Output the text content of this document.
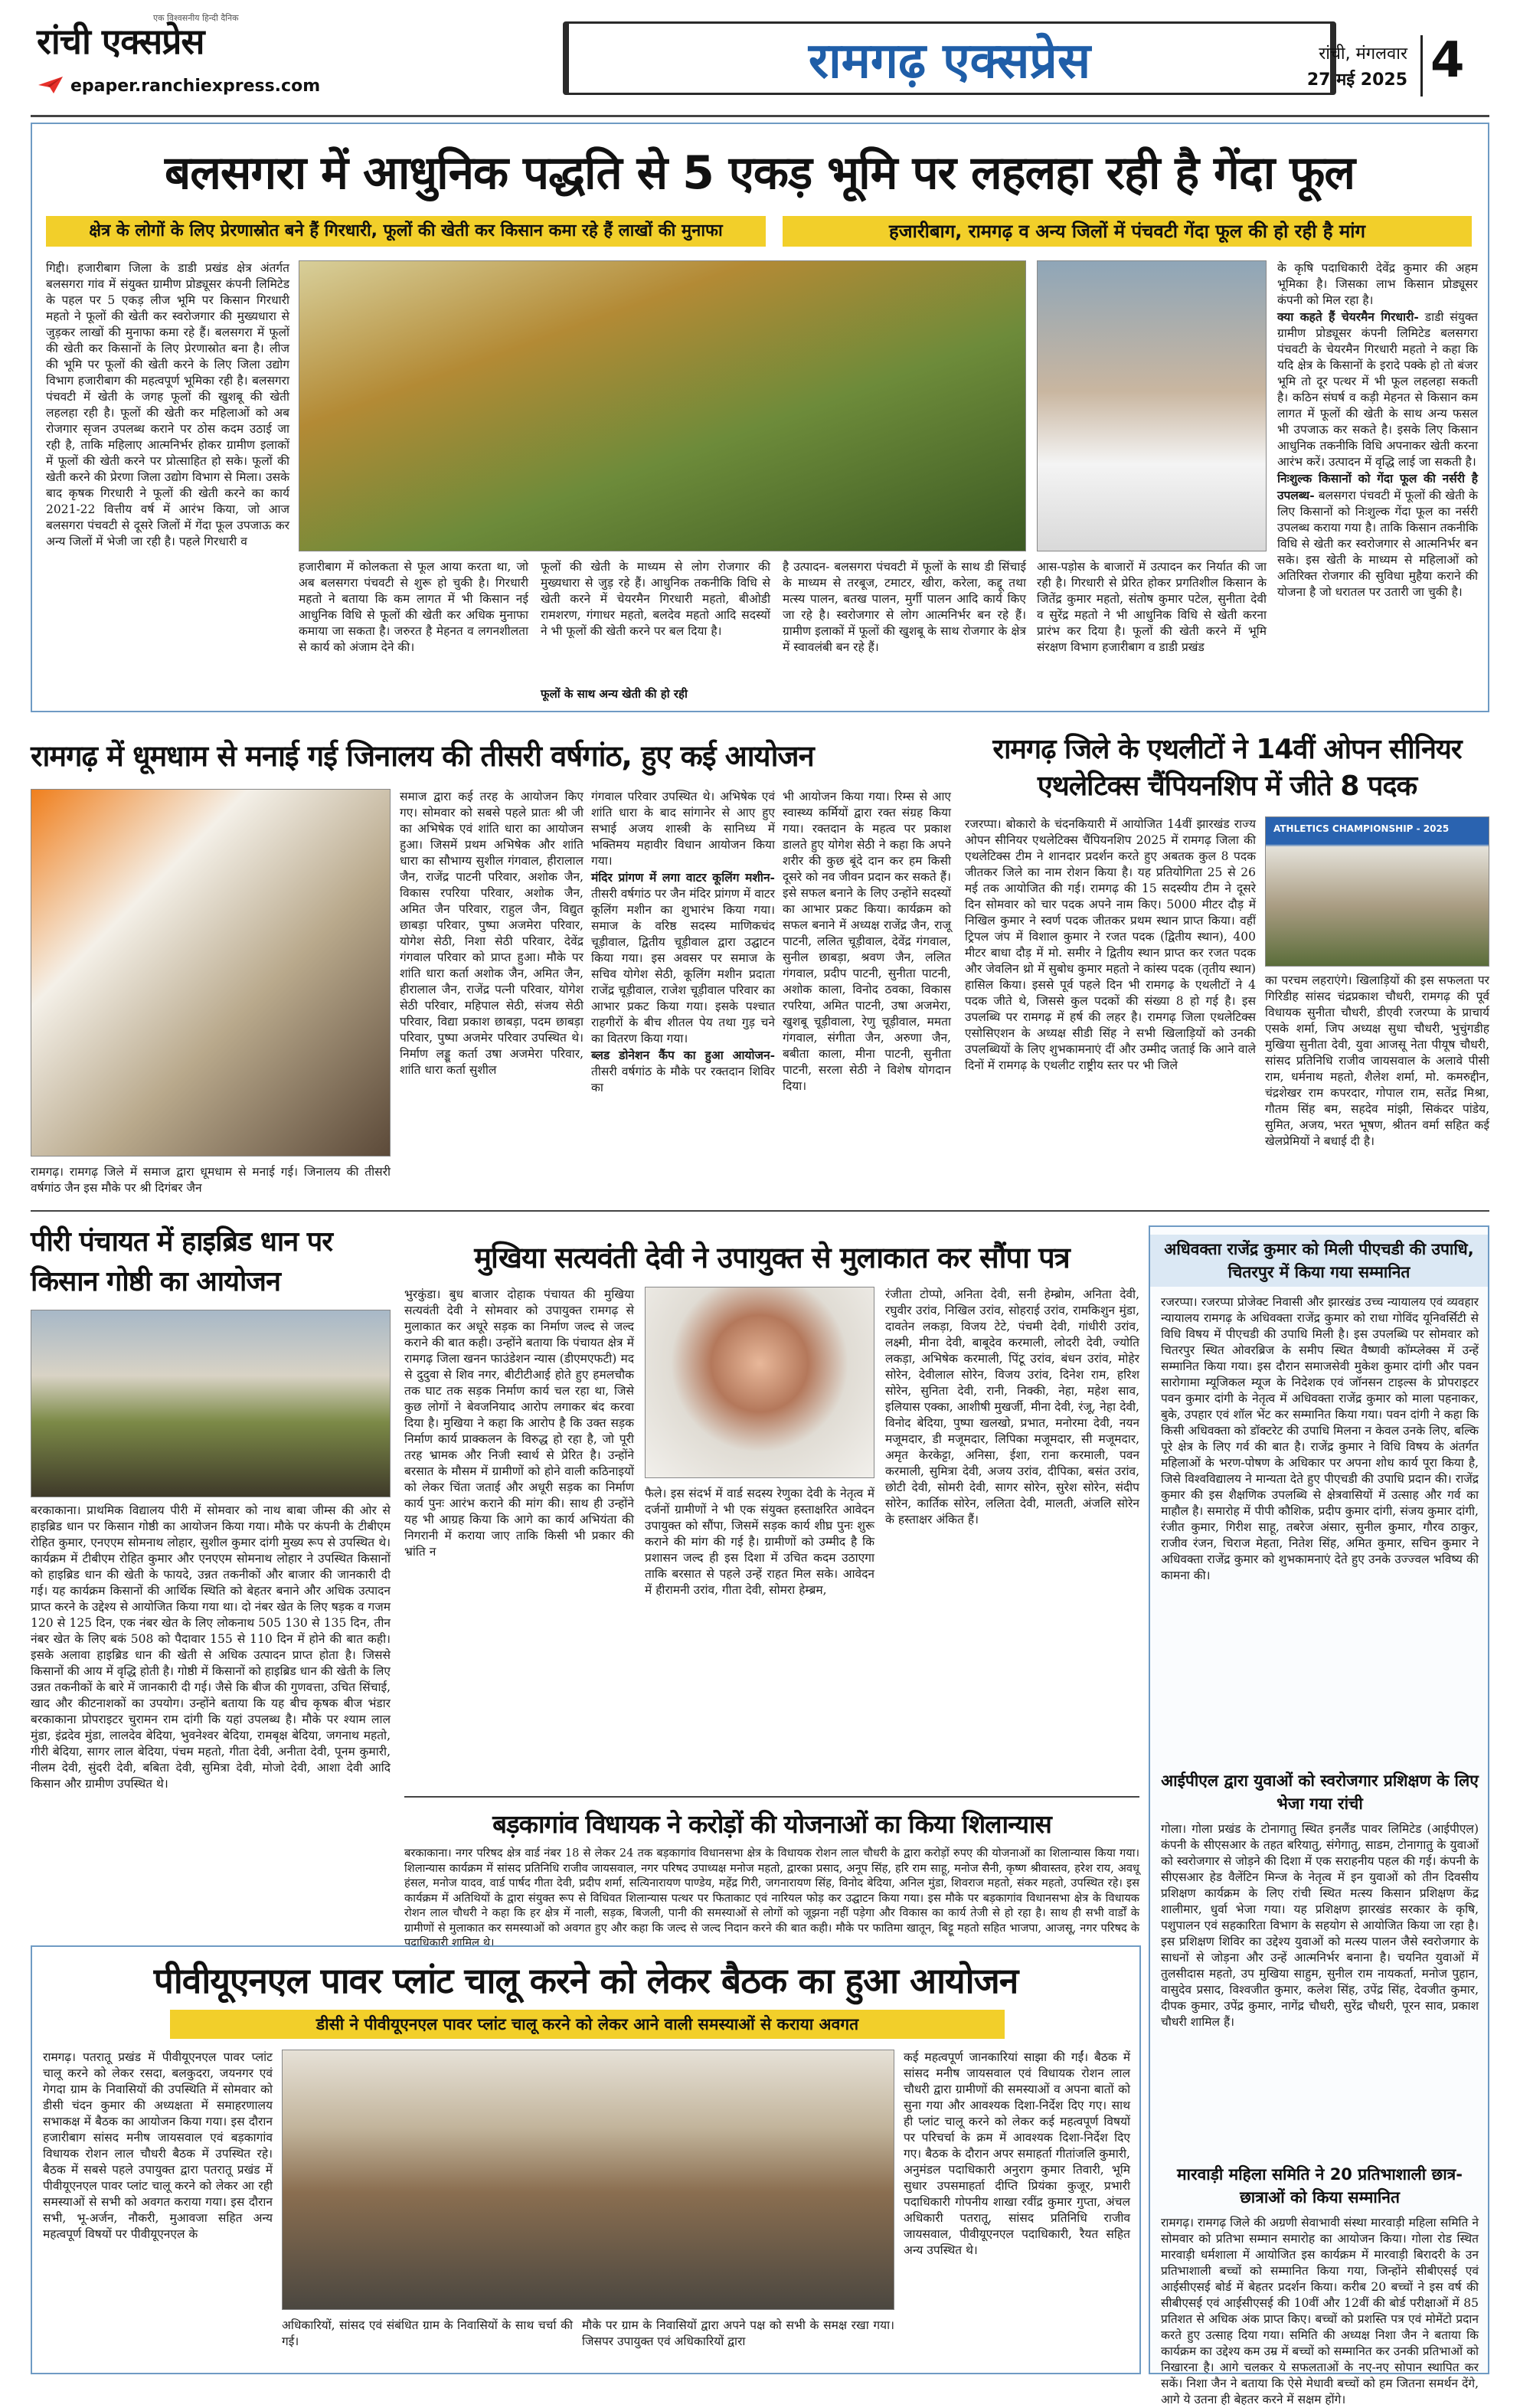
रांची एक्सप्रेस
एक विश्वसनीय हिन्दी दैनिक
epaper.ranchiexpress.com	रामगढ़ एक्सप्रेस	रांची, मंगलवार
27 मई 2025 4
बलसगरा में आधुनिक पद्धति से 5 एकड़ भूमि पर लहलहा रही है गेंदा फूल
क्षेत्र के लोगों के लिए प्रेरणास्रोत बने हैं गिरधारी, फूलों की खेती कर किसान कमा रहे हैं लाखों की मुनाफा	हजारीबाग, रामगढ़ व अन्य जिलों में पंचवटी गेंदा फूल की हो रही है मांग
गिद्दी। हजारीबाग जिला के डाडी प्रखंड क्षेत्र अंतर्गत बलसगरा गांव में संयुक्त ग्रामीण प्रोड्यूसर कंपनी लिमिटेड के पहल पर 5 एकड़ लीज भूमि पर किसान गिरधारी महतो ने फूलों की खेती कर स्वरोजगार की मुख्यधारा से जुड़कर लाखों की मुनाफा कमा रहे हैं। बलसगरा में फूलों की खेती कर किसानों के लिए प्रेरणास्रोत बना है। लीज की भूमि पर फूलों की खेती करने के लिए जिला उद्योग विभाग हजारीबाग की महत्वपूर्ण भूमिका रही है। बलसगरा पंचवटी में खेती के जगह फूलों की खुशबू की खेती लहलहा रही है। फूलों की खेती कर महिलाओं को अब रोजगार सृजन उपलब्ध कराने पर ठोस कदम उठाई जा रही है, ताकि महिलाए आत्मनिर्भर होकर ग्रामीण इलाकों में फूलों की खेती करने पर प्रोत्साहित हो सके। फूलों की खेती करने की प्रेरणा जिला उद्योग विभाग से मिला। उसके बाद कृषक गिरधारी ने फूलों की खेती करने का कार्य 2021-22 वित्तीय वर्ष में आरंभ किया, जो आज बलसगरा पंचवटी से दूसरे जिलों में गेंदा फूल उपजाऊ कर अन्य जिलों में भेजी जा रही है। पहले गिरधारी व
हजारीबाग में कोलकता से फूल आया करता था, जो अब बलसगरा पंचवटी से शुरू हो चुकी है। गिरधारी महतो ने बताया कि कम लागत में भी किसान नई आधुनिक विधि से फूलों की खेती कर अधिक मुनाफा कमाया जा सकता है। जरुरत है मेहनत व लगनशीलता से कार्य को अंजाम देने की।
फूलों की खेती के माध्यम से लोग रोजगार की मुख्यधारा से जुड़ रहे हैं। आधुनिक तकनीकि विधि से खेती करने में चेयरमैन गिरधारी महतो, बीओडी रामशरण, गंगाधर महतो, बलदेव महतो आदि सदस्यों ने भी फूलों की खेती करने पर बल दिया है।
फूलों के साथ अन्य खेती की हो रही
है उत्पादन- बलसगरा पंचवटी में फूलों के साथ डी सिंचाई के माध्यम से तरबूज, टमाटर, खीरा, करेला, कद्दू तथा मत्स्य पालन, बतख पालन, मुर्गी पालन आदि कार्य किए जा रहे है। स्वरोजगार से लोग आत्मनिर्भर बन रहे हैं। ग्रामीण इलाकों में फूलों की खुशबू के साथ रोजगार के क्षेत्र में स्वावलंबी बन रहे हैं।
आस-पड़ोस के बाजारों में उत्पादन कर निर्यात की जा रही है। गिरधारी से प्रेरित होकर प्रगतिशील किसान के जितेंद्र कुमार महतो, संतोष कुमार पटेल, सुनीता देवी व सुरेंद्र महतो ने भी आधुनिक विधि से खेती करना प्रारंभ कर दिया है। फूलों की खेती करने में भूमि संरक्षण विभाग हजारीबाग व डाडी प्रखंड
के कृषि पदाधिकारी देवेंद्र कुमार की अहम भूमिका है। जिसका लाभ किसान प्रोड्यूसर कंपनी को मिल रहा है।
क्या कहते हैं चेयरमैन गिरधारी- डाडी संयुक्त ग्रामीण प्रोड्यूसर कंपनी लिमिटेड बलसगरा पंचवटी के चेयरमैन गिरधारी महतो ने कहा कि यदि क्षेत्र के किसानों के इरादे पक्के हो तो बंजर भूमि तो दूर पत्थर में भी फूल लहलहा सकती है। कठिन संघर्ष व कड़ी मेहनत से किसान कम लागत में फूलों की खेती के साथ अन्य फसल भी उपजाऊ कर सकते है। इसके लिए किसान आधुनिक तकनीकि विधि अपनाकर खेती करना आरंभ करें। उत्पादन में वृद्धि लाई जा सकती है।
निःशुल्क किसानों को गेंदा फूल की नर्सरी है उपलब्ध- बलसगरा पंचवटी में फूलों की खेती के लिए किसानों को निःशुल्क गेंदा फूल का नर्सरी उपलब्ध कराया गया है। ताकि किसान तकनीकि विधि से खेती कर स्वरोजगार से आत्मनिर्भर बन सके। इस खेती के माध्यम से महिलाओं को अतिरिक्त रोजगार की सुविधा मुहैया कराने की योजना है जो धरातल पर उतारी जा चुकी है।
रामगढ़ में धूमधाम से मनाई गई जिनालय की तीसरी वर्षगांठ, हुए कई आयोजन
रामगढ़। रामगढ़ जिले में समाज द्वारा धूमधाम से मनाई गई। जिनालय की तीसरी वर्षगांठ जैन इस मौके पर श्री दिगंबर जैन
समाज द्वारा कई तरह के आयोजन किए गए। सोमवार को सबसे पहले प्रातः श्री जी का अभिषेक एवं शांति धारा का आयोजन हुआ। जिसमें प्रथम अभिषेक और शांति धारा का सौभाग्य सुशील गंगवाल, हीरालाल जैन, राजेंद्र पाटनी परिवार, अशोक जैन, विकास रपरिया परिवार, अशोक जैन, अमित जैन परिवार, राहुल जैन, विद्युत छाबड़ा परिवार, पुष्पा अजमेरा परिवार, योगेश सेठी, निशा सेठी परिवार, देवेंद्र गंगवाल परिवार को प्राप्त हुआ। मौके पर शांति धारा कर्ता अशोक जैन, अमित जैन, हीरालाल जैन, राजेंद्र पत्नी परिवार, योगेश सेठी परिवार, महिपाल सेठी, संजय सेठी परिवार, विद्या प्रकाश छाबड़ा, पदम छाबड़ा परिवार, पुष्पा अजमेर परिवार उपस्थित थे। निर्माण लड्डू कर्ता उषा अजमेरा परिवार, शांति धारा कर्ता सुशील
गंगवाल परिवार उपस्थित थे। अभिषेक एवं शांति धारा के बाद सांगानेर से आए हुए सभाई अजय शास्त्री के सानिध्य में भक्तिमय महावीर विधान आयोजन किया गया।
मंदिर प्रांगण में लगा वाटर कूलिंग मशीन- तीसरी वर्षगांठ पर जैन मंदिर प्रांगण में वाटर कूलिंग मशीन का शुभारंभ किया गया। समाज के वरिष्ठ सदस्य माणिकचंद चूड़ीवाल, द्वितीय चूड़ीवाल द्वारा उद्घाटन किया गया। इस अवसर पर समाज के सचिव योगेश सेठी, कूलिंग मशीन प्रदाता राजेंद्र चूड़ीवाल, राजेश चूड़ीवाल परिवार का आभार प्रकट किया गया। इसके पश्चात राहगीरों के बीच शीतल पेय तथा गुड़ चने का वितरण किया गया।
ब्लड डोनेशन कैंप का हुआ आयोजन- तीसरी वर्षगांठ के मौके पर रक्तदान शिविर का
भी आयोजन किया गया। रिम्स से आए स्वास्थ्य कर्मियों द्वारा रक्त संग्रह किया गया। रक्तदान के महत्व पर प्रकाश डालते हुए योगेश सेठी ने कहा कि अपने शरीर की कुछ बूंदे दान कर हम किसी दूसरे को नव जीवन प्रदान कर सकते हैं। इसे सफल बनाने के लिए उन्होंने सदस्यों का आभार प्रकट किया। कार्यक्रम को सफल बनाने में अध्यक्ष राजेंद्र जैन, राजू पाटनी, ललित चूड़ीवाल, देवेंद्र गंगवाल, सुनील छाबड़ा, श्रवण जैन, ललित गंगवाल, प्रदीप पाटनी, सुनीता पाटनी, अशोक काला, विनोद ठवका, विकास रपरिया, अमित पाटनी, उषा अजमेरा, खुशबू चूड़ीवाला, रेणु चूड़ीवाल, ममता गंगवाल, संगीता जैन, अरुणा जैन, बबीता काला, मीना पाटनी, सुनीता पाटनी, सरला सेठी ने विशेष योगदान दिया।
रामगढ़ जिले के एथलीटों ने 14वीं ओपन सीनियर एथलेटिक्स चैंपियनशिप में जीते 8 पदक
रजरप्पा। बोकारो के चंदनकियारी में आयोजित 14वीं झारखंड राज्य ओपन सीनियर एथलेटिक्स चैंपियनशिप 2025 में रामगढ़ जिला की एथलेटिक्स टीम ने शानदार प्रदर्शन करते हुए अबतक कुल 8 पदक जीतकर जिले का नाम रोशन किया है। यह प्रतियोगिता 25 से 26 मई तक आयोजित की गई। रामगढ़ की 15 सदस्यीय टीम ने दूसरे दिन सोमवार को चार पदक अपने नाम किए। 5000 मीटर दौड़ में निखिल कुमार ने स्वर्ण पदक जीतकर प्रथम स्थान प्राप्त किया। वहीं ट्रिपल जंप में विशाल कुमार ने रजत पदक (द्वितीय स्थान), 400 मीटर बाधा दौड़ में मो. समीर ने द्वितीय स्थान प्राप्त कर रजत पदक और जेवलिन थ्रो में सुबोध कुमार महतो ने कांस्य पदक (तृतीय स्थान) हासिल किया। इससे पूर्व पहले दिन भी रामगढ़ के एथलीटों ने 4 पदक जीते थे, जिससे कुल पदकों की संख्या 8 हो गई है। इस उपलब्धि पर रामगढ़ में हर्ष की लहर है। रामगढ़ जिला एथलेटिक्स एसोसिएशन के अध्यक्ष सीडी सिंह ने सभी खिलाड़ियों को उनकी उपलब्धियों के लिए शुभकामनाएं दीं और उम्मीद जताई कि आने वाले दिनों में रामगढ़ के एथलीट राष्ट्रीय स्तर पर भी जिले
ATHLETICS CHAMPIONSHIP - 2025
का परचम लहराएंगे। खिलाड़ियों की इस सफलता पर गिरिडीह सांसद चंद्रप्रकाश चौधरी, रामगढ़ की पूर्व विधायक सुनीता चौधरी, डीएवी रजरप्पा के प्राचार्य एसके शर्मा, जिप अध्यक्ष सुधा चौधरी, भुचुंगडीह मुखिया सुनीता देवी, युवा आजसू नेता पीयूष चौधरी, सांसद प्रतिनिधि राजीव जायसवाल के अलावे पीसी राम, धर्मनाथ महतो, शैलेश शर्मा, मो. कमरुद्दीन, चंद्रशेखर राम कपरदार, गोपाल राम, सतेंद्र मिश्रा, गौतम सिंह बम, सहदेव मांझी, सिकंदर पांडेय, सुमित, अजय, भरत भूषण, श्रीतन वर्मा सहित कई खेलप्रेमियों ने बधाई दी है।
पीरी पंचायत में हाइब्रिड धान पर किसान गोष्ठी का आयोजन
बरकाकाना। प्राथमिक विद्यालय पीरी में सोमवार को नाथ बाबा जीम्स की ओर से हाइब्रिड धान पर किसान गोष्ठी का आयोजन किया गया। मौके पर कंपनी के टीबीएम रोहित कुमार, एनएएम सोमनाथ लोहार, सुशील कुमार दांगी मुख्य रूप से उपस्थित थे। कार्यक्रम में टीबीएम रोहित कुमार और एनएएम सोमनाथ लोहार ने उपस्थित किसानों को हाइब्रिड धान की खेती के फायदे, उन्नत तकनीकों और बाजार की जानकारी दी गई। यह कार्यक्रम किसानों की आर्थिक स्थिति को बेहतर बनाने और अधिक उत्पादन प्राप्त करने के उद्देश्य से आयोजित किया गया था। दो नंबर खेत के लिए षड़क व गजम 120 से 125 दिन, एक नंबर खेत के लिए लोकनाथ 505 130 से 135 दिन, तीन नंबर खेत के लिए बकं 508 को पैदावार 155 से 110 दिन में होने की बात कही। इसके अलावा हाइब्रिड धान की खेती से अधिक उत्पादन प्राप्त होता है। जिससे किसानों की आय में वृद्धि होती है। गोष्ठी में किसानों को हाइब्रिड धान की खेती के लिए उन्नत तकनीकों के बारे में जानकारी दी गई। जैसे कि बीज की गुणवत्ता, उचित सिंचाई, खाद और कीटनाशकों का उपयोग। उन्होंने बताया कि यह बीच कृषक बीज भंडार बरकाकाना प्रोपराइटर चुरामन राम दांगी कि यहां उपलब्ध है। मौके पर श्याम लाल मुंडा, इंद्रदेव मुंडा, लालदेव बेदिया, भुवनेश्वर बेदिया, रामबृक्ष बेदिया, जगनाथ महतो, गीरी बेदिया, सागर लाल बेदिया, पंचम महतो, गीता देवी, अनीता देवी, पूनम कुमारी, नीलम देवी, सुंदरी देवी, बबिता देवी, सुमित्रा देवी, मोजो देवी, आशा देवी आदि किसान और ग्रामीण उपस्थित थे।
मुखिया सत्यवंती देवी ने उपायुक्त से मुलाकात कर सौंपा पत्र
भुरकुंडा। बुध बाजार दोहाक पंचायत की मुखिया सत्यवंती देवी ने सोमवार को उपायुक्त रामगढ़ से मुलाकात कर अधूरे सड़क का निर्माण जल्द से जल्द कराने की बात कही। उन्होंने बताया कि पंचायत क्षेत्र में रामगढ़ जिला खनन फाउंडेशन न्यास (डीएमएफटी) मद से दुदुवा से शिव नगर, बीटीटीआई होते हुए हमलचौक तक घाट तक सड़क निर्माण कार्य चल रहा था, जिसे कुछ लोगों ने बेवजनियाद आरोप लगाकर बंद करवा दिया है। मुखिया ने कहा कि आरोप है कि उक्त सड़क निर्माण कार्य प्राक्कलन के विरुद्ध हो रहा है, जो पूरी तरह भ्रामक और निजी स्वार्थ से प्रेरित है। उन्होंने बरसात के मौसम में ग्रामीणों को होने वाली कठिनाइयों को लेकर चिंता जताई और अधूरी सड़क का निर्माण कार्य पुनः आरंभ कराने की मांग की। साथ ही उन्होंने यह भी आग्रह किया कि आगे का कार्य अभियंता की निगरानी में कराया जाए ताकि किसी भी प्रकार की भ्रांति न
फैले। इस संदर्भ में वार्ड सदस्य रेणुका देवी के नेतृत्व में दर्जनों ग्रामीणों ने भी एक संयुक्त हस्ताक्षरित आवेदन उपायुक्त को सौंपा, जिसमें सड़क कार्य शीघ्र पुनः शुरू कराने की मांग की गई है। ग्रामीणों को उम्मीद है कि प्रशासन जल्द ही इस दिशा में उचित कदम उठाएगा ताकि बरसात से पहले उन्हें राहत मिल सके। आवेदन में हीरामनी उरांव, गीता देवी, सोमरा हेम्ब्रम,
रंजीता टोप्पो, अनिता देवी, सनी हेम्ब्रोम, अनिता देवी, रघुवीर उरांव, निखिल उरांव, सोहराई उरांव, रामकिशुन मुंडा, दावतेन लकड़ा, विजय टेटे, पंचमी देवी, गांधीरी उरांव, लक्ष्मी, मीना देवी, बाबूदेव करमाली, लोदरी देवी, ज्योति लकड़ा, अभिषेक करमाली, पिंटू उरांव, बंधन उरांव, मोहेर सोरेन, देवीलाल सोरेन, विजय उरांव, दिनेश राम, हरिश सोरेन, सुनिता देवी, रानी, निक्की, नेहा, महेश साव, इलियास एक्का, आशीषी मुखर्जी, मीना देवी, रंजू, नेहा देवी, विनोद बेदिया, पुष्पा खलखो, प्रभात, मनोरमा देवी, नयन मजूमदार, डी मजूमदार, लिपिका मजूमदार, सी मजूमदार, अमृत केरकेट्टा, अनिसा, ईशा, राना करमाली, पवन करमाली, सुमित्रा देवी, अजय उरांव, दीपिका, बसंत उरांव, छोटी देवी, सोमरी देवी, सागर सोरेन, सुरेश सोरेन, संदीप सोरेन, कार्तिक सोरेन, ललिता देवी, मालती, अंजलि सोरेन के हस्ताक्षर अंकित हैं।
बड़कागांव विधायक ने करोड़ों की योजनाओं का किया शिलान्यास
बरकाकाना। नगर परिषद क्षेत्र वार्ड नंबर 18 से लेकर 24 तक बड़कागांव विधानसभा क्षेत्र के विधायक रोशन लाल चौधरी के द्वारा करोड़ों रुपए की योजनाओं का शिलान्यास किया गया। शिलान्यास कार्यक्रम में सांसद प्रतिनिधि राजीव जायसवाल, नगर परिषद उपाध्यक्ष मनोज महतो, द्वारका प्रसाद, अनूप सिंह, हरि राम साहू, मनोज सैनी, कृष्ण श्रीवास्तव, हरेश राय, अवधू हंसल, मनोज यादव, वार्ड पार्षद गीता देवी, प्रदीप शर्मा, सत्यिनारायण पाण्डेय, महेंद्र गिरी, जगनारायण सिंह, विनोद बेदिया, अनिल मुंडा, शिवराज महतो, संकर महतो, उपस्थित रहे। इस कार्यक्रम में अतिथियों के द्वारा संयुक्त रूप से विधिवत शिलान्यास पत्थर पर फिताकाट एवं नारियल फोड़ कर उद्घाटन किया गया। इस मौके पर बड़कागांव विधानसभा क्षेत्र के विधायक रोशन लाल चौधरी ने कहा कि हर क्षेत्र में नाली, सड़क, बिजली, पानी की समस्याओं से लोगों को जूझना नहीं पड़ेगा और विकास का कार्य तेजी से हो रहा है। साथ ही सभी वार्डों के ग्रामीणों से मुलाकात कर समस्याओं को अवगत हुए और कहा कि जल्द से जल्द निदान करने की बात कही। मौके पर फातिमा खातून, बिट्टू महतो सहित भाजपा, आजसू, नगर परिषद के पदाधिकारी शामिल थे।
अधिवक्ता राजेंद्र कुमार को मिली पीएचडी की उपाधि, चितरपुर में किया गया सम्मानित
रजरप्पा। रजरप्पा प्रोजेक्ट निवासी और झारखंड उच्च न्यायालय एवं व्यवहार न्यायालय रामगढ़ के अधिवक्ता राजेंद्र कुमार को राधा गोविंद यूनिवर्सिटी से विधि विषय में पीएचडी की उपाधि मिली है। इस उपलब्धि पर सोमवार को चितरपुर स्थित ओवरब्रिज के समीप स्थित वैष्णवी कॉम्प्लेक्स में उन्हें सम्मानित किया गया। इस दौरान समाजसेवी मुकेश कुमार दांगी और पवन सारोगामा म्यूजिकल म्यूज के निदेशक एवं जॉनसन टाइल्स के प्रोपराइटर पवन कुमार दांगी के नेतृत्व में अधिवक्ता राजेंद्र कुमार को माला पहनाकर, बुके, उपहार एवं शॉल भेंट कर सम्मानित किया गया। पवन दांगी ने कहा कि किसी अधिवक्ता को डॉक्टरेट की उपाधि मिलना न केवल उनके लिए, बल्कि पूरे क्षेत्र के लिए गर्व की बात है। राजेंद्र कुमार ने विधि विषय के अंतर्गत महिलाओं के भरण-पोषण के अधिकार पर अपना शोध कार्य पूरा किया है, जिसे विश्वविद्यालय ने मान्यता देते हुए पीएचडी की उपाधि प्रदान की। राजेंद्र कुमार की इस शैक्षणिक उपलब्धि से क्षेत्रवासियों में उत्साह और गर्व का माहौल है। समारोह में पीपी कौशिक, प्रदीप कुमार दांगी, संजय कुमार दांगी, रंजीत कुमार, गिरीश साहू, तबरेज अंसार, सुनील कुमार, गौरव ठाकुर, राजीव रंजन, चिराज मेहता, नितेश सिंह, अमित कुमार, सचिन कुमार ने अधिवक्ता राजेंद्र कुमार को शुभकामनाएं देते हुए उनके उज्ज्वल भविष्य की कामना की।
आईपीएल द्वारा युवाओं को स्वरोजगार प्रशिक्षण के लिए भेजा गया रांची
गोला। गोला प्रखंड के टोनागातु स्थित इनलैंड पावर लिमिटेड (आईपीएल) कंपनी के सीएसआर के तहत बरियातु, संगेगातु, साडम, टोनागातु के युवाओं को स्वरोजगार से जोड़ने की दिशा में एक सराहनीय पहल की गई। कंपनी के सीएसआर हेड वैलेंटिन मिन्ज के नेतृत्व में इन युवाओं को तीन दिवसीय प्रशिक्षण कार्यक्रम के लिए रांची स्थित मत्स्य किसान प्रशिक्षण केंद्र शालीमार, धुर्वा भेजा गया। यह प्रशिक्षण झारखंड सरकार के कृषि, पशुपालन एवं सहकारिता विभाग के सहयोग से आयोजित किया जा रहा है। इस प्रशिक्षण शिविर का उद्देश्य युवाओं को मत्स्य पालन जैसे स्वरोजगार के साधनों से जोड़ना और उन्हें आत्मनिर्भर बनाना है। चयनित युवाओं में तुलसीदास महतो, उप मुखिया साहुम, सुनील राम नायकर्ता, मनोज पुहान, वासुदेव प्रसाद, विश्वजीत कुमार, कलेश सिंह, उपेंद्र सिंह, देवजीत कुमार, दीपक कुमार, उपेंद्र कुमार, नागेंद्र चौधरी, सुरेंद्र चौधरी, पूरन साव, प्रकाश चौधरी शामिल हैं।
मारवाड़ी महिला समिति ने 20 प्रतिभाशाली छात्र-छात्राओं को किया सम्मानित
रामगढ़। रामगढ़ जिले की अग्रणी सेवाभावी संस्था मारवाड़ी महिला समिति ने सोमवार को प्रतिभा सम्मान समारोह का आयोजन किया। गोला रोड स्थित मारवाड़ी धर्मशाला में आयोजित इस कार्यक्रम में मारवाड़ी बिरादरी के उन प्रतिभाशाली बच्चों को सम्मानित किया गया, जिन्होंने सीबीएसई एवं आईसीएसई बोर्ड में बेहतर प्रदर्शन किया। करीब 20 बच्चों ने इस वर्ष की सीबीएसई एवं आईसीएसई की 10वीं और 12वीं की बोर्ड परीक्षाओं में 85 प्रतिशत से अधिक अंक प्राप्त किए। बच्चों को प्रशस्ति पत्र एवं मोमेंटो प्रदान करते हुए उत्साह दिया गया। समिति की अध्यक्ष निशा जैन ने बताया कि कार्यक्रम का उद्देश्य कम उम्र में बच्चों को सम्मानित कर उनकी प्रतिभाओं को निखारना है। आगे चलकर ये सफलताओं के नए-नए सोपान स्थापित कर सकें। निशा जैन ने बताया कि ऐसे मेधावी बच्चों को हम जितना समर्थन देंगे, आगे ये उतना ही बेहतर करने में सक्षम होंगे।
पीवीयूएनएल पावर प्लांट चालू करने को लेकर बैठक का हुआ आयोजन
डीसी ने पीवीयूएनएल पावर प्लांट चालू करने को लेकर आने वाली समस्याओं से कराया अवगत
रामगढ़। पतरातू प्रखंड में पीवीयूएनएल पावर प्लांट चालू करने को लेकर रसदा, बलकुदरा, जयनगर एवं गेगदा ग्राम के निवासियों की उपस्थिति में सोमवार को डीसी चंदन कुमार की अध्यक्षता में समाहरणालय सभाकक्ष में बैठक का आयोजन किया गया। इस दौरान हजारीबाग सांसद मनीष जायसवाल एवं बड़कागांव विधायक रोशन लाल चौधरी बैठक में उपस्थित रहे। बैठक में सबसे पहले उपायुक्त द्वारा पतरातू प्रखंड में पीवीयूएनएल पावर प्लांट चालू करने को लेकर आ रही समस्याओं से सभी को अवगत कराया गया। इस दौरान सभी, भू-अर्जन, नौकरी, मुआवजा सहित अन्य महत्वपूर्ण विषयों पर पीवीयूएनएल के
अधिकारियों, सांसद एवं संबंधित ग्राम के निवासियों के साथ चर्चा की गई।
मौके पर ग्राम के निवासियों द्वारा अपने पक्ष को सभी के समक्ष रखा गया। जिसपर उपायुक्त एवं अधिकारियों द्वारा
कई महत्वपूर्ण जानकारियां साझा की गईं। बैठक में सांसद मनीष जायसवाल एवं विधायक रोशन लाल चौधरी द्वारा ग्रामीणों की समस्याओं व अपना बातों को सुना गया और आवश्यक दिशा-निर्देश दिए गए। साथ ही प्लांट चालू करने को लेकर कई महत्वपूर्ण विषयों पर परिचर्चा के क्रम में आवश्यक दिशा-निर्देश दिए गए। बैठक के दौरान अपर समाहर्ता गीतांजलि कुमारी, अनुमंडल पदाधिकारी अनुराग कुमार तिवारी, भूमि सुधार उपसमाहर्ता दीप्ति प्रियंका कुजूर, प्रभारी पदाधिकारी गोपनीय शाखा रवींद्र कुमार गुप्ता, अंचल अधिकारी पतरातू, सांसद प्रतिनिधि राजीव जायसवाल, पीवीयूएनएल पदाधिकारी, रैयत सहित अन्य उपस्थित थे।
